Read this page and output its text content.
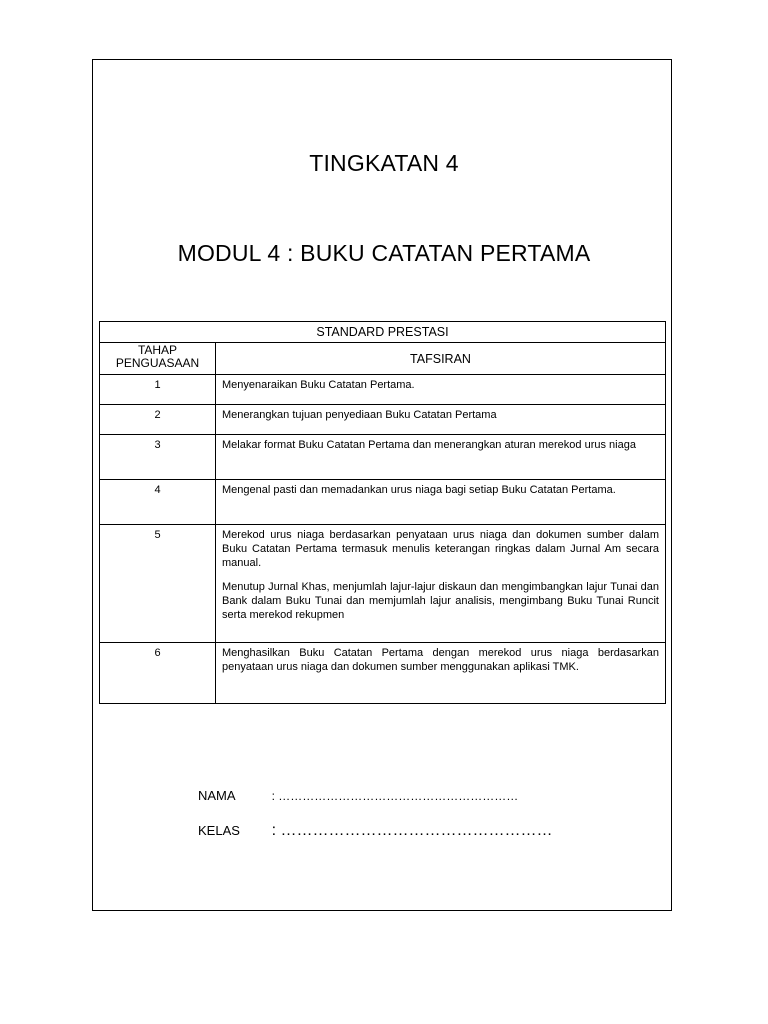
TINGKATAN 4
MODUL 4 : BUKU CATATAN PERTAMA
STANDARD PRESTASI	
TAHAP PENGUASAAN	TAFSIRAN
1	Menyenaraikan Buku Catatan Pertama.

2	Menerangkan tujuan penyediaan Buku Catatan Pertama

3	Melakar format Buku Catatan Pertama dan menerangkan aturan merekod urus niaga

4	Mengenal pasti dan memadankan urus niaga bagi setiap Buku Catatan Pertama.

5	Merekod urus niaga berdasarkan penyataan urus niaga dan dokumen sumber dalam Buku Catatan Pertama termasuk menulis keterangan ringkas dalam Jurnal Am secara manual.

Menutup Jurnal Khas, menjumlah lajur-lajur diskaun dan mengimbangkan lajur Tunai dan Bank dalam Buku Tunai dan memjumlah lajur analisis, mengimbang Buku Tunai Runcit serta merekod rekupmen

6	Menghasilkan Buku Catatan Pertama dengan merekod urus niaga berdasarkan penyataan urus niaga dan dokumen sumber menggunakan aplikasi TMK.

NAMA	: ……………………………………………………
KELAS : ……………………………………………
